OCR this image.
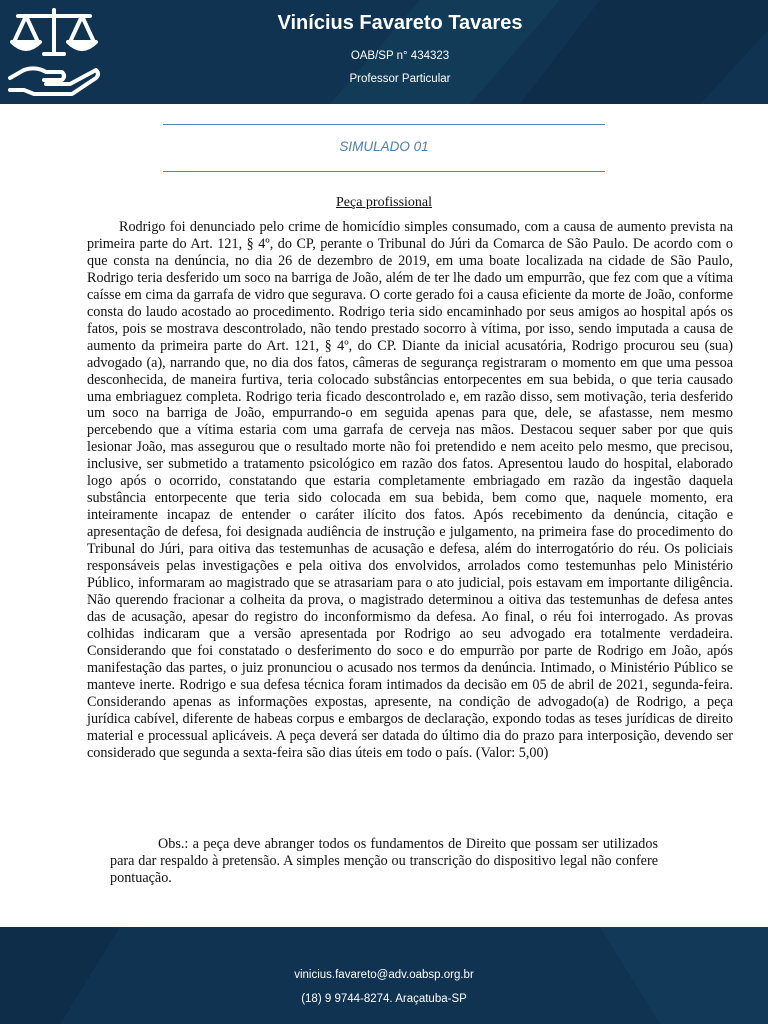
Vinícius Favareto Tavares
OAB/SP n° 434323
Professor Particular
SIMULADO 01
Peça profissional

Rodrigo foi denunciado pelo crime de homicídio simples consumado, com a causa de aumento prevista na primeira parte do Art. 121, § 4º, do CP, perante o Tribunal do Júri da Comarca de São Paulo. De acordo com o que consta na denúncia, no dia 26 de dezembro de 2019, em uma boate localizada na cidade de São Paulo, Rodrigo teria desferido um soco na barriga de João, além de ter lhe dado um empurrão, que fez com que a vítima caísse em cima da garrafa de vidro que segurava. O corte gerado foi a causa eficiente da morte de João, conforme consta do laudo acostado ao procedimento. Rodrigo teria sido encaminhado por seus amigos ao hospital após os fatos, pois se mostrava descontrolado, não tendo prestado socorro à vítima, por isso, sendo imputada a causa de aumento da primeira parte do Art. 121, § 4º, do CP. Diante da inicial acusatória, Rodrigo procurou seu (sua) advogado (a), narrando que, no dia dos fatos, câmeras de segurança registraram o momento em que uma pessoa desconhecida, de maneira furtiva, teria colocado substâncias entorpecentes em sua bebida, o que teria causado uma embriaguez completa. Rodrigo teria ficado descontrolado e, em razão disso, sem motivação, teria desferido um soco na barriga de João, empurrando-o em seguida apenas para que, dele, se afastasse, nem mesmo percebendo que a vítima estaria com uma garrafa de cerveja nas mãos. Destacou sequer saber por que quis lesionar João, mas assegurou que o resultado morte não foi pretendido e nem aceito pelo mesmo, que precisou, inclusive, ser submetido a tratamento psicológico em razão dos fatos. Apresentou laudo do hospital, elaborado logo após o ocorrido, constatando que estaria completamente embriagado em razão da ingestão daquela substância entorpecente que teria sido colocada em sua bebida, bem como que, naquele momento, era inteiramente incapaz de entender o caráter ilícito dos fatos. Após recebimento da denúncia, citação e apresentação de defesa, foi designada audiência de instrução e julgamento, na primeira fase do procedimento do Tribunal do Júri, para oitiva das testemunhas de acusação e defesa, além do interrogatório do réu. Os policiais responsáveis pelas investigações e pela oitiva dos envolvidos, arrolados como testemunhas pelo Ministério Público, informaram ao magistrado que se atrasariam para o ato judicial, pois estavam em importante diligência. Não querendo fracionar a colheita da prova, o magistrado determinou a oitiva das testemunhas de defesa antes das de acusação, apesar do registro do inconformismo da defesa. Ao final, o réu foi interrogado. As provas colhidas indicaram que a versão apresentada por Rodrigo ao seu advogado era totalmente verdadeira. Considerando que foi constatado o desferimento do soco e do empurrão por parte de Rodrigo em João, após manifestação das partes, o juiz pronunciou o acusado nos termos da denúncia. Intimado, o Ministério Público se manteve inerte. Rodrigo e sua defesa técnica foram intimados da decisão em 05 de abril de 2021, segunda-feira. Considerando apenas as informações expostas, apresente, na condição de advogado(a) de Rodrigo, a peça jurídica cabível, diferente de habeas corpus e embargos de declaração, expondo todas as teses jurídicas de direito material e processual aplicáveis. A peça deverá ser datada do último dia do prazo para interposição, devendo ser considerado que segunda a sexta-feira são dias úteis em todo o país. (Valor: 5,00)

Obs.: a peça deve abranger todos os fundamentos de Direito que possam ser utilizados para dar respaldo à pretensão. A simples menção ou transcrição do dispositivo legal não confere pontuação.

vinicius.favareto@adv.oabsp.org.br
(18) 9 9744-8274. Araçatuba-SP
